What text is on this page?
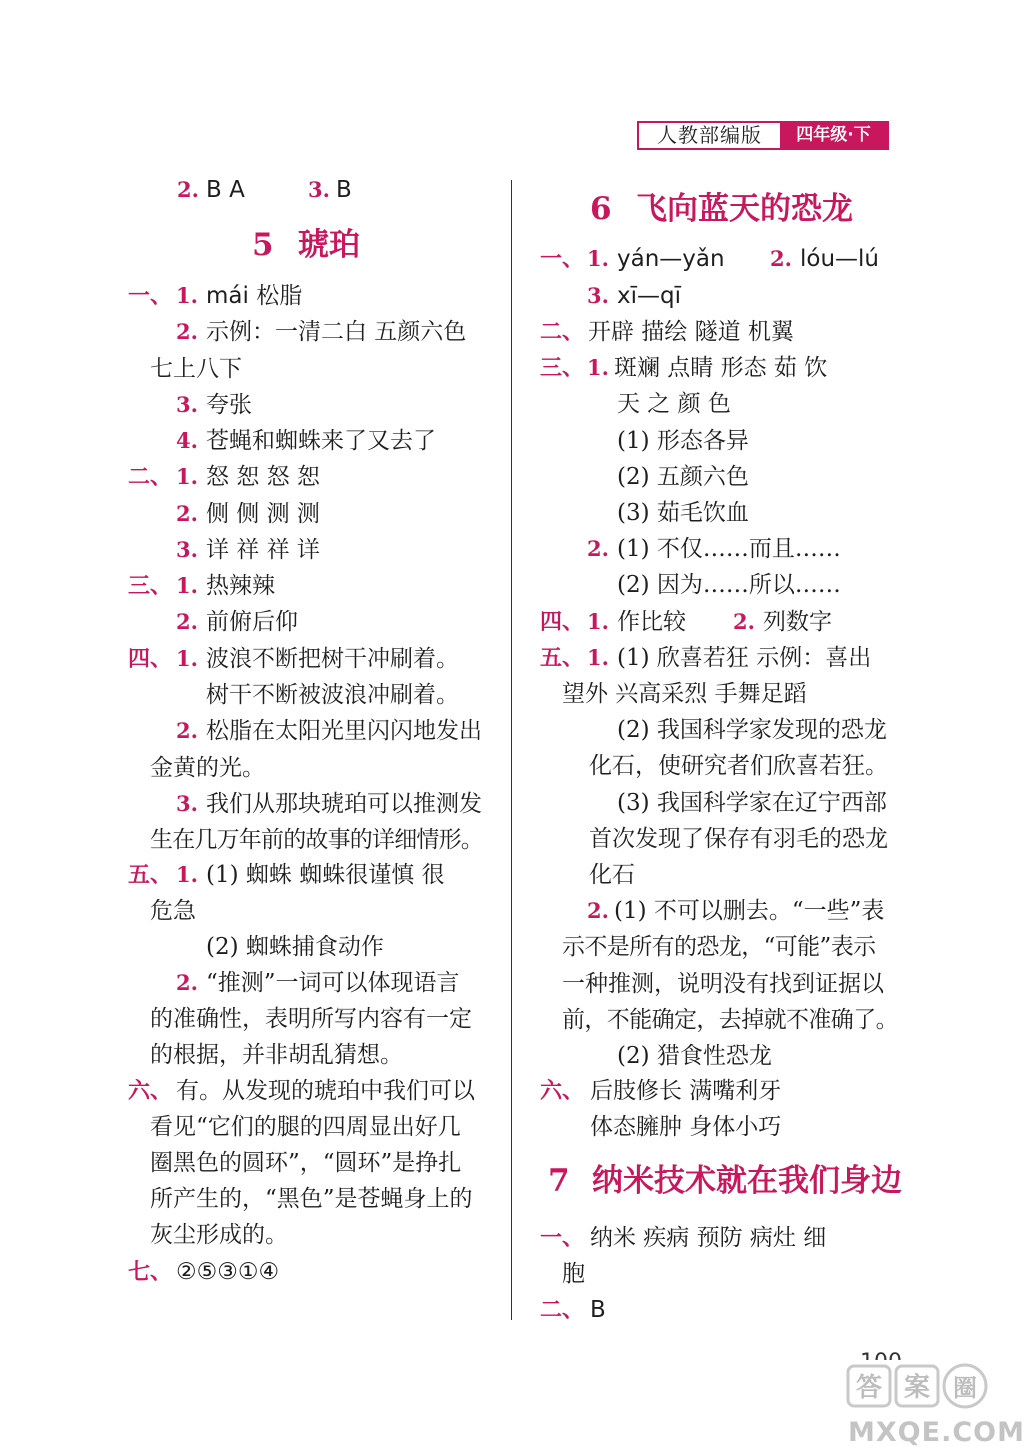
人教部编版	四年级·下
2. B A	3. B
5 琥珀
一、 1. mái 松脂
2. 示例：一清二白 五颜六色
七上八下
3. 夸张
4. 苍蝇和蜘蛛来了又去了
二、 1. 怒 恕 怒 恕
2. 侧 侧 测 测
3. 详 祥 祥 详
三、 1. 热辣辣
2. 前俯后仰
四、 1. 波浪不断把树干冲刷着。
树干不断被波浪冲刷着。
2. 松脂在太阳光里闪闪地发出
金黄的光。
3. 我们从那块琥珀可以推测发
生在几万年前的故事的详细情形。
五、 1. (1) 蜘蛛 蜘蛛很谨慎 很
危急
(2) 蜘蛛捕食动作
2. “推测”一词可以体现语言
的准确性，表明所写内容有一定
的根据，并非胡乱猜想。
六、 有。从发现的琥珀中我们可以
看见“它们的腿的四周显出好几
圈黑色的圆环”，“圆环”是挣扎
所产生的，“黑色”是苍蝇身上的
灰尘形成的。
七、 ②⑤③①④
6 飞向蓝天的恐龙
一、 1. yán—yǎn 2. lóu—lú
3. xī—qī
二、 开辟 描绘 隧道 机翼
三、 1. 斑斓 点睛 形态 茹 饮
天 之 颜 色
(1) 形态各异
(2) 五颜六色
(3) 茹毛饮血
2. (1) 不仅……而且……
(2) 因为……所以……
四、 1. 作比较 2. 列数字
五、 1. (1) 欣喜若狂 示例：喜出
望外 兴高采烈 手舞足蹈
(2) 我国科学家发现的恐龙
化石，使研究者们欣喜若狂。
(3) 我国科学家在辽宁西部
首次发现了保存有羽毛的恐龙
化石
2. (1) 不可以删去。“一些”表
示不是所有的恐龙，“可能”表示
一种推测，说明没有找到证据以
前，不能确定，去掉就不准确了。
(2) 猎食性恐龙
六、 后肢修长 满嘴利牙
体态臃肿 身体小巧
7 纳米技术就在我们身边
一、 纳米 疾病 预防 病灶 细
胞
二、 B
答 案 圈
MXQE.COM
